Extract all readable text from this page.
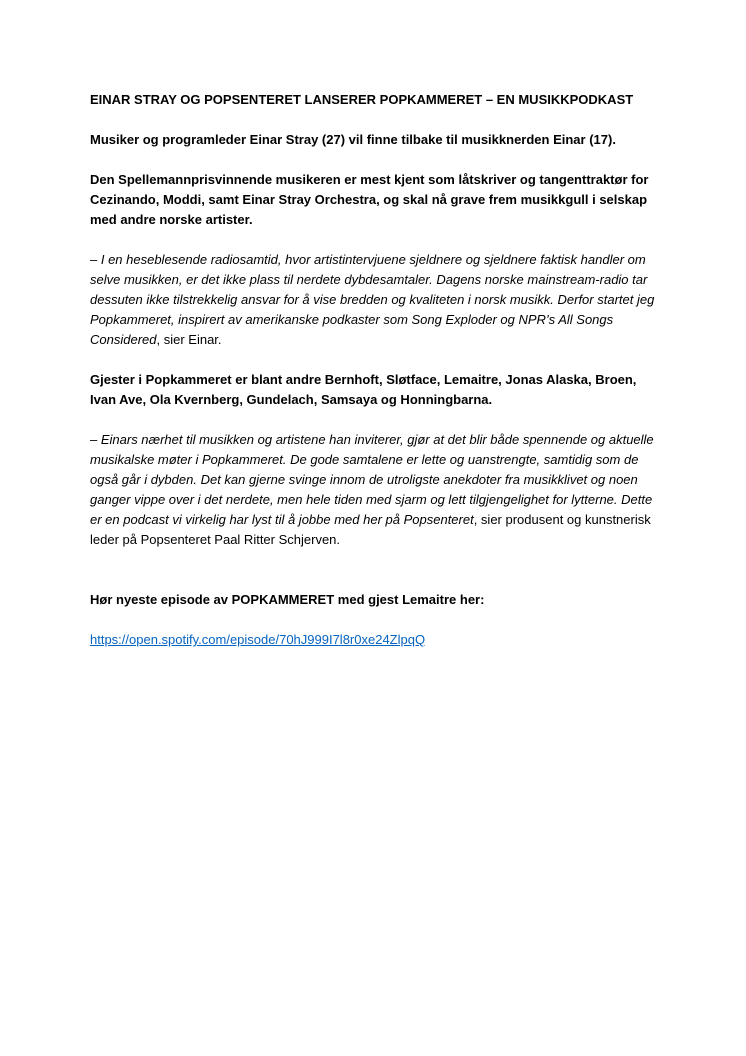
EINAR STRAY OG POPSENTERET LANSERER POPKAMMERET – EN MUSIKKPODKAST

Musiker og programleder Einar Stray (27) vil finne tilbake til musikknerden Einar (17).

Den Spellemannprisvinnende musikeren er mest kjent som låtskriver og tangenttraktør for Cezinando, Moddi, samt Einar Stray Orchestra, og skal nå grave frem musikkgull i selskap med andre norske artister.

– I en heseblesende radiosamtid, hvor artistintervjuene sjeldnere og sjeldnere faktisk handler om selve musikken, er det ikke plass til nerdete dybdesamtaler. Dagens norske mainstream-radio tar dessuten ikke tilstrekkelig ansvar for å vise bredden og kvaliteten i norsk musikk. Derfor startet jeg Popkammeret, inspirert av amerikanske podkaster som Song Exploder og NPR’s All Songs Considered, sier Einar.

Gjester i Popkammeret er blant andre Bernhoft, Sløtface, Lemaitre, Jonas Alaska, Broen, Ivan Ave, Ola Kvernberg, Gundelach, Samsaya og Honningbarna.

– Einars nærhet til musikken og artistene han inviterer, gjør at det blir både spennende og aktuelle musikalske møter i Popkammeret. De gode samtalene er lette og uanstrengte, samtidig som de også går i dybden. Det kan gjerne svinge innom de utroligste anekdoter fra musikklivet og noen ganger vippe over i det nerdete, men hele tiden med sjarm og lett tilgjengelighet for lytterne. Dette er en podcast vi virkelig har lyst til å jobbe med her på Popsenteret, sier produsent og kunstnerisk leder på Popsenteret Paal Ritter Schjerven.

Hør nyeste episode av POPKAMMERET med gjest Lemaitre her:

https://open.spotify.com/episode/70hJ999I7l8r0xe24ZlpqQ
